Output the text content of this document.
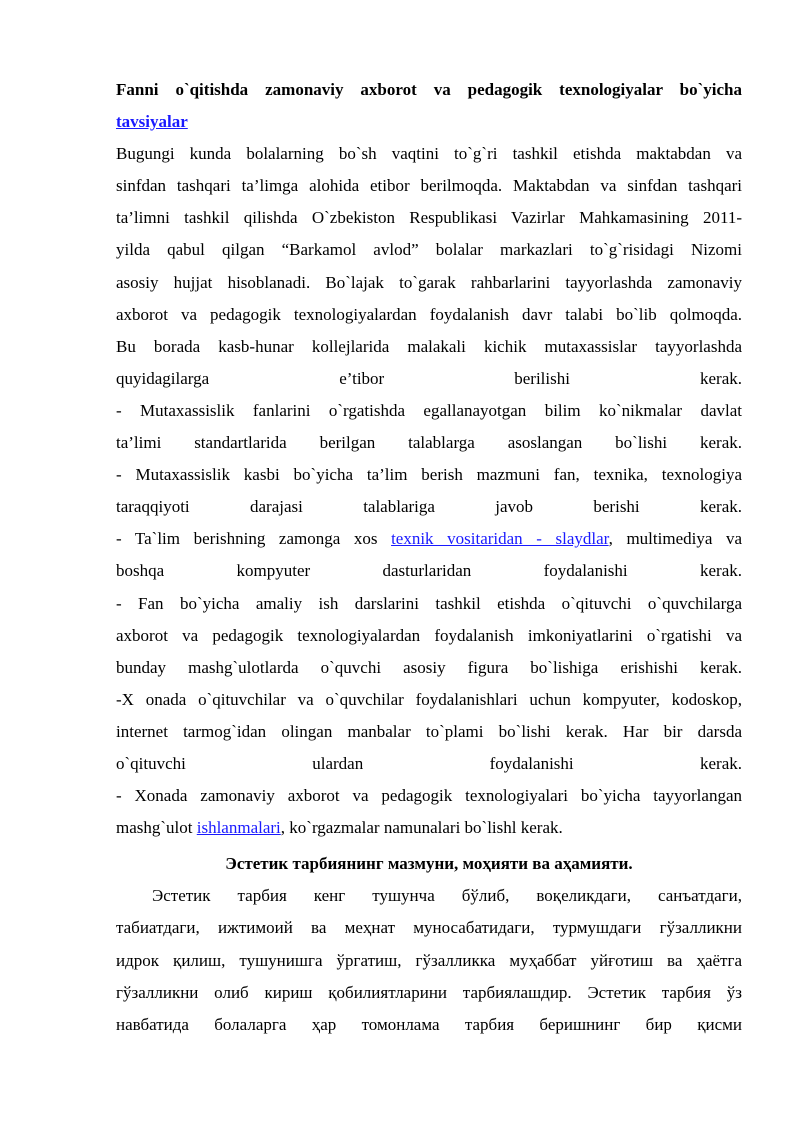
Fanni o`qitishda zamonaviy axborot va pedagogik texnologiyalar bo`yicha
tavsiyalar
Bugungi kunda bolalarning bo`sh vaqtini to`g`ri tashkil etishda maktabdan va
sinfdan tashqari ta’limga alohida etibor berilmoqda. Maktabdan va sinfdan tashqari
ta’limni tashkil qilishda O`zbekiston Respublikasi Vazirlar Mahkamasining 2011-
yilda qabul qilgan “Barkamol avlod” bolalar markazlari to`g`risidagi Nizomi
asosiy hujjat hisoblanadi. Bo`lajak to`garak rahbarlarini tayyorlashda zamonaviy
axborot va pedagogik texnologiyalardan foydalanish davr talabi bo`lib qolmoqda.
Bu borada kasb-hunar kollejlarida malakali kichik mutaxassislar tayyorlashda
quyidagilarga e’tibor berilishi kerak.
- Mutaxassislik fanlarini o`rgatishda egallanayotgan bilim ko`nikmalar davlat
ta’limi standartlarida berilgan talablarga asoslangan bo`lishi kerak.
- Mutaxassislik kasbi bo`yicha ta’lim berish mazmuni fan, texnika, texnologiya
taraqqiyoti darajasi talablariga javob berishi kerak.
- Ta`lim berishning zamonga xos texnik vositaridan - slaydlar, multimediya va
boshqa kompyuter dasturlaridan foydalanishi kerak.
- Fan bo`yicha amaliy ish darslarini tashkil etishda o`qituvchi o`quvchilarga
axborot va pedagogik texnologiyalardan foydalanish imkoniyatlarini o`rgatishi va
bunday mashg`ulotlarda o`quvchi asosiy figura bo`lishiga erishishi kerak.
-X onada o`qituvchilar va o`quvchilar foydalanishlari uchun kompyuter, kodoskop,
internet tarmog`idan olingan manbalar to`plami bo`lishi kerak. Har bir darsda
o`qituvchi ulardan foydalanishi kerak.
- Xonada zamonaviy axborot va pedagogik texnologiyalari bo`yicha tayyorlangan
mashg`ulot ishlanmalari, ko`rgazmalar namunalari bo`lishl kerak.
Эстетик тарбиянинг мазмуни, моҳияти ва аҳамияти.
Эстетик тарбия кенг тушунча бўлиб, воқеликдаги, санъатдаги,
табиатдаги, ижтимоий ва меҳнат муносабатидаги, турмушдаги гўзалликни
идрок қилиш, тушунишга ўргатиш, гўзалликка муҳаббат уйғотиш ва ҳаётга
гўзалликни олиб кириш қобилиятларини тарбиялашдир. Эстетик тарбия ўз
навбатида болаларга ҳар томонлама тарбия беришнинг бир қисми
